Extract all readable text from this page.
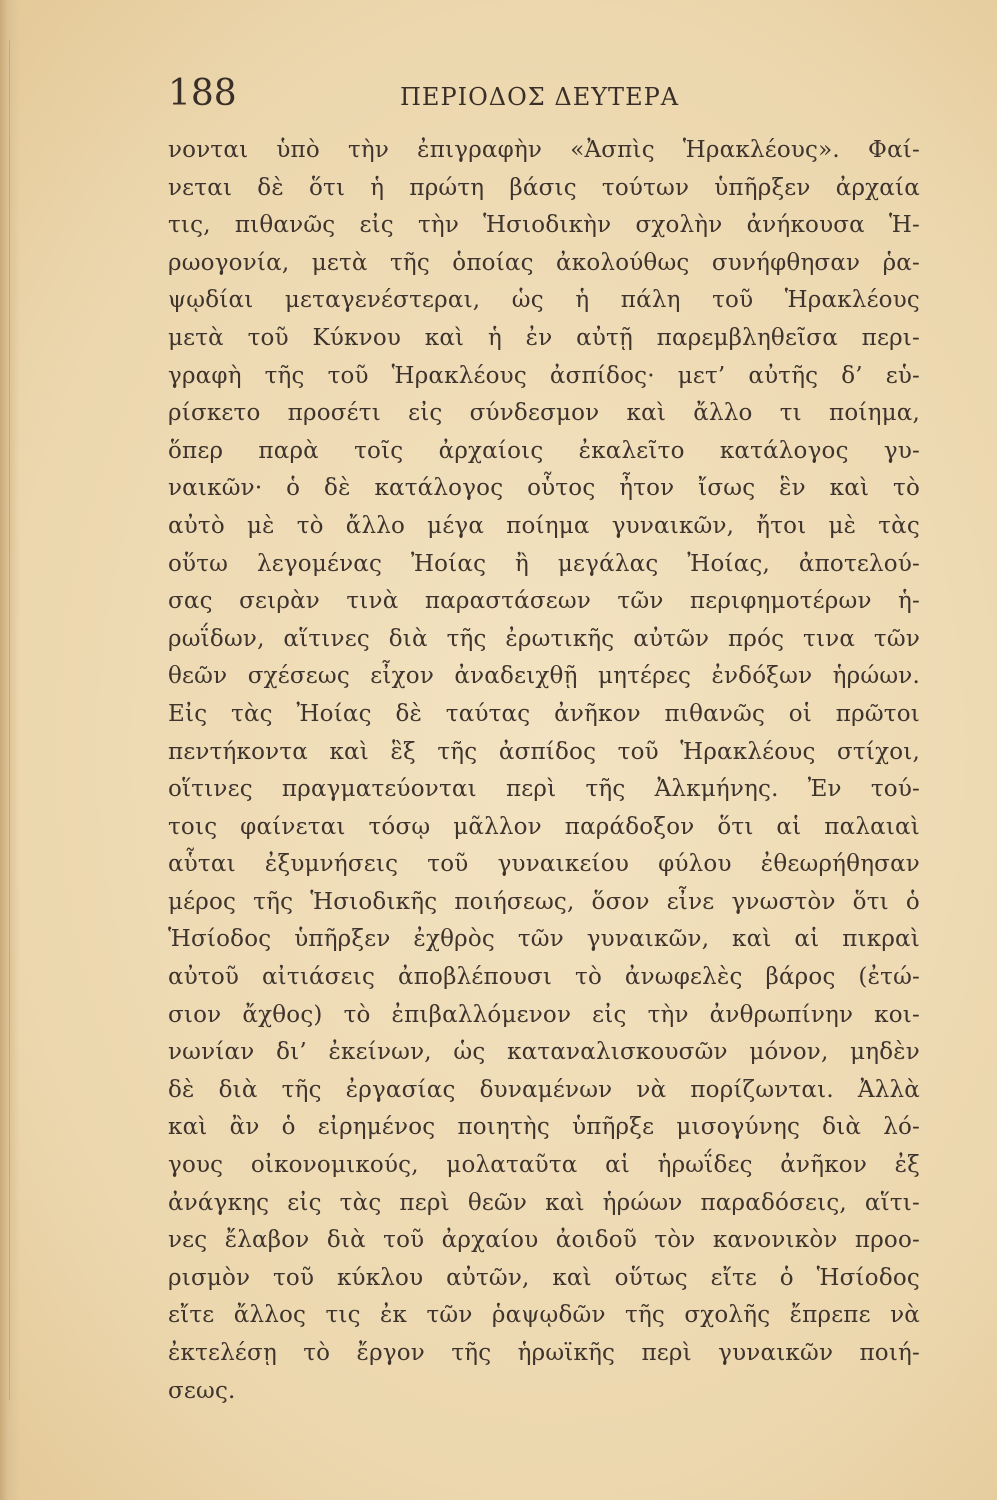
188	ΠΕΡΙΟΔΟΣ ΔΕΥΤΕΡΑ
νονται ὑπὸ τὴν ἐπιγραφὴν «Ἀσπὶς Ἡρακλέους». Φαί-
νεται δὲ ὅτι ἡ πρώτη βάσις τούτων ὑπῆρξεν ἀρχαία
τις, πιθανῶς εἰς τὴν Ἡσιοδικὴν σχολὴν ἀνήκουσα Ἡ-
ρωογονία, μετὰ τῆς ὁποίας ἀκολούθως συνήφθησαν ῥα-
ψῳδίαι μεταγενέστεραι, ὡς ἡ πάλη τοῦ Ἡρακλέους
μετὰ τοῦ Κύκνου καὶ ἡ ἐν αὐτῇ παρεμβληθεῖσα περι-
γραφὴ τῆς τοῦ Ἡρακλέους ἀσπίδος· μετ’ αὐτῆς δ’ εὑ-
ρίσκετο προσέτι εἰς σύνδεσμον καὶ ἄλλο τι ποίημα,
ὅπερ παρὰ τοῖς ἀρχαίοις ἐκαλεῖτο κατάλογος γυ-
ναικῶν· ὁ δὲ κατάλογος οὗτος ἦτον ἴσως ἓν καὶ τὸ
αὐτὸ μὲ τὸ ἄλλο μέγα ποίημα γυναικῶν, ἤτοι μὲ τὰς
οὕτω λεγομένας Ἠοίας ἢ μεγάλας Ἠοίας, ἀποτελού-
σας σειρὰν τινὰ παραστάσεων τῶν περιφημοτέρων ἡ-
ρωΐδων, αἵτινες διὰ τῆς ἐρωτικῆς αὐτῶν πρός τινα τῶν
θεῶν σχέσεως εἶχον ἀναδειχθῇ μητέρες ἐνδόξων ἡρώων.
Εἰς τὰς Ἠοίας δὲ ταύτας ἀνῆκον πιθανῶς οἱ πρῶτοι
πεντήκοντα καὶ ἓξ τῆς ἀσπίδος τοῦ Ἡρακλέους στίχοι,
οἵτινες πραγματεύονται περὶ τῆς Ἀλκμήνης. Ἐν τού-
τοις φαίνεται τόσῳ μᾶλλον παράδοξον ὅτι αἱ παλαιαὶ
αὗται ἐξυμνήσεις τοῦ γυναικείου φύλου ἐθεωρήθησαν
μέρος τῆς Ἡσιοδικῆς ποιήσεως, ὅσον εἶνε γνωστὸν ὅτι ὁ
Ἡσίοδος ὑπῆρξεν ἐχθρὸς τῶν γυναικῶν, καὶ αἱ πικραὶ
αὐτοῦ αἰτιάσεις ἀποβλέπουσι τὸ ἀνωφελὲς βάρος (ἐτώ-
σιον ἄχθος) τὸ ἐπιβαλλόμενον εἰς τὴν ἀνθρωπίνην κοι-
νωνίαν δι’ ἐκείνων, ὡς καταναλισκουσῶν μόνον, μηδὲν
δὲ διὰ τῆς ἐργασίας δυναμένων νὰ πορίζωνται. Ἀλλὰ
καὶ ἂν ὁ εἰρημένος ποιητὴς ὑπῆρξε μισογύνης διὰ λό-
γους οἰκονομικούς, μολαταῦτα αἱ ἡρωΐδες ἀνῆκον ἐξ
ἀνάγκης εἰς τὰς περὶ θεῶν καὶ ἡρώων παραδόσεις, αἵτι-
νες ἔλαβον διὰ τοῦ ἀρχαίου ἀοιδοῦ τὸν κανονικὸν προο-
ρισμὸν τοῦ κύκλου αὐτῶν, καὶ οὕτως εἴτε ὁ Ἡσίοδος
εἴτε ἄλλος τις ἐκ τῶν ῥαψῳδῶν τῆς σχολῆς ἔπρεπε νὰ
ἐκτελέσῃ τὸ ἔργον τῆς ἡρωϊκῆς περὶ γυναικῶν ποιή-
σεως.
